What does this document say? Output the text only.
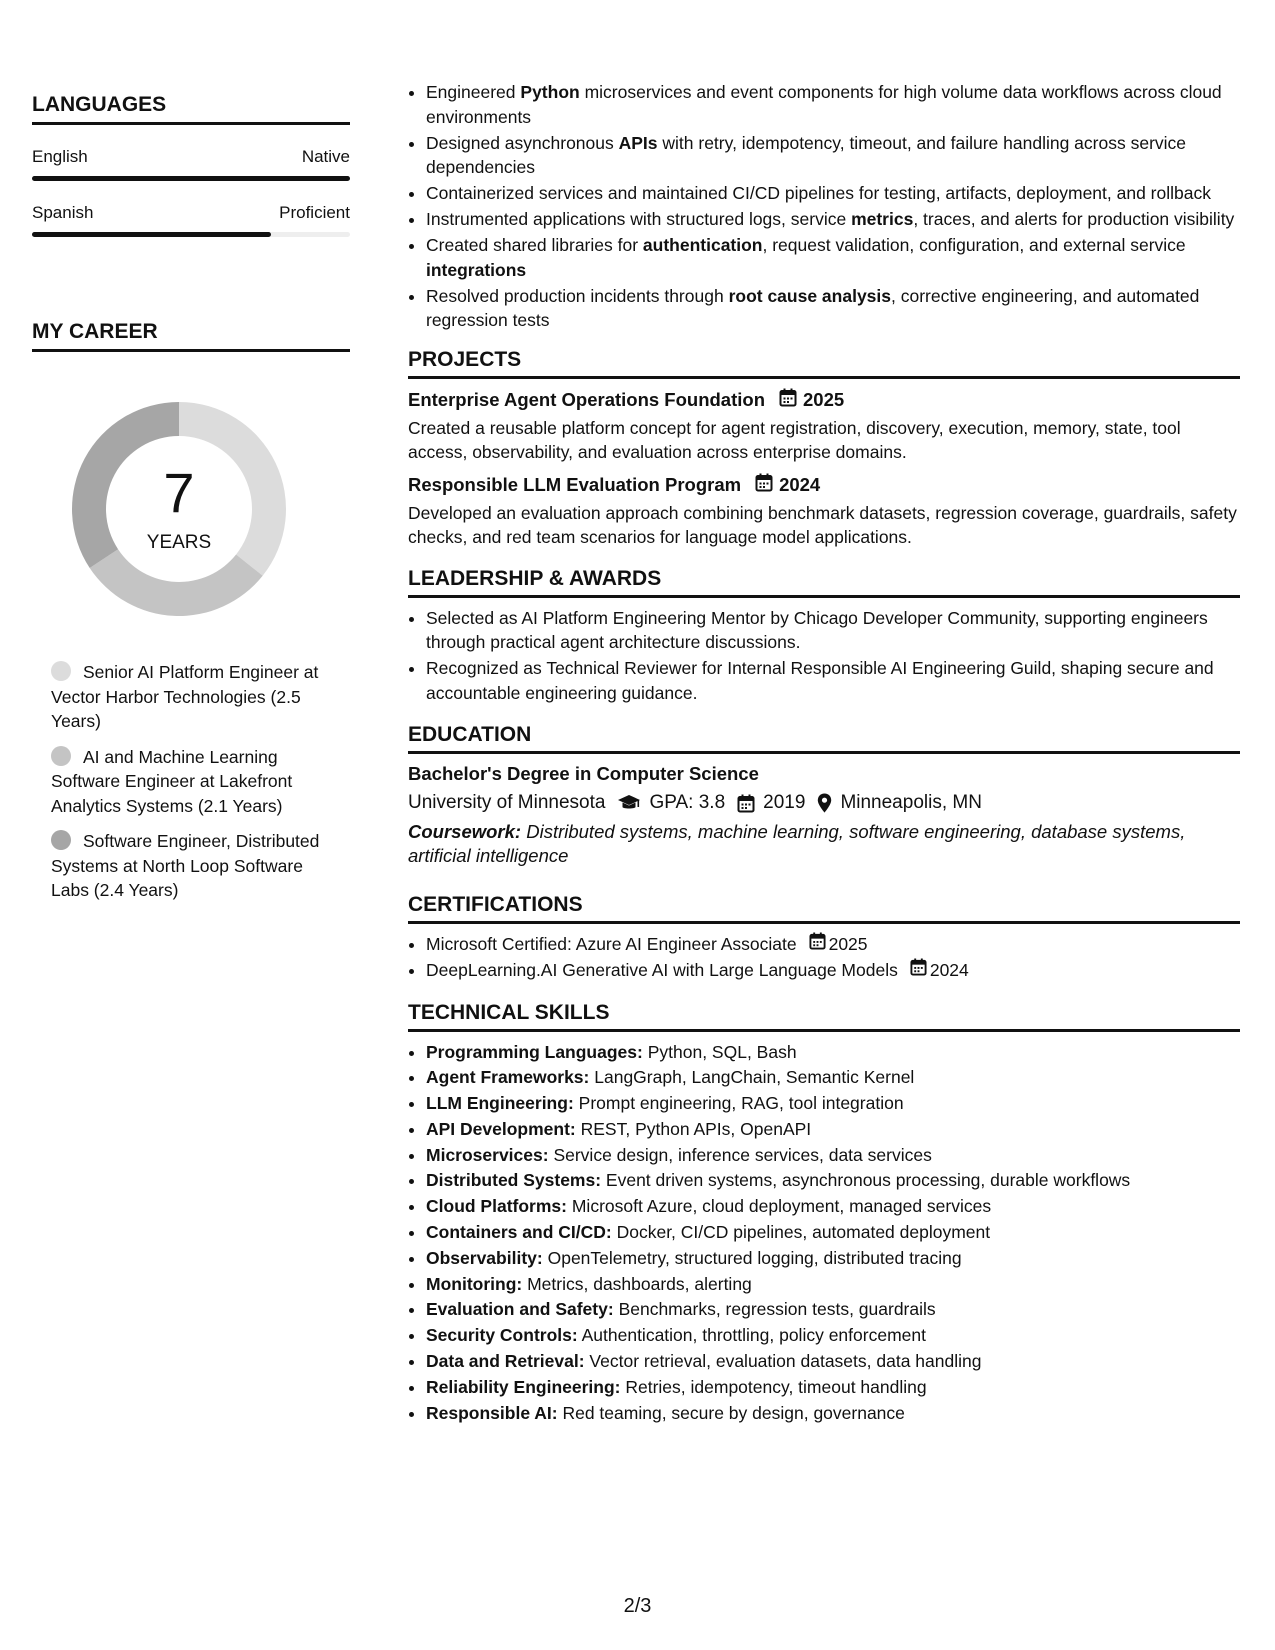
LANGUAGES
English	Native
Spanish	Proficient
MY CAREER
7
YEARS
Senior AI Platform Engineer at Vector Harbor Technologies (2.5 Years)
AI and Machine Learning Software Engineer at Lakefront Analytics Systems (2.1 Years)
Software Engineer, Distributed Systems at North Loop Software Labs (2.4 Years)
• Engineered Python microservices and event components for high volume data workflows across cloud environments
• Designed asynchronous APIs with retry, idempotency, timeout, and failure handling across service dependencies
• Containerized services and maintained CI/CD pipelines for testing, artifacts, deployment, and rollback
• Instrumented applications with structured logs, service metrics, traces, and alerts for production visibility
• Created shared libraries for authentication, request validation, configuration, and external service integrations
• Resolved production incidents through root cause analysis, corrective engineering, and automated regression tests
PROJECTS
Enterprise Agent Operations Foundation 2025
Created a reusable platform concept for agent registration, discovery, execution, memory, state, tool access, observability, and evaluation across enterprise domains.
Responsible LLM Evaluation Program 2024
Developed an evaluation approach combining benchmark datasets, regression coverage, guardrails, safety checks, and red team scenarios for language model applications.
LEADERSHIP & AWARDS
• Selected as AI Platform Engineering Mentor by Chicago Developer Community, supporting engineers through practical agent architecture discussions.
• Recognized as Technical Reviewer for Internal Responsible AI Engineering Guild, shaping secure and accountable engineering guidance.
EDUCATION
Bachelor's Degree in Computer Science
University of Minnesota GPA: 3.8 2019 Minneapolis, MN
Coursework: Distributed systems, machine learning, software engineering, database systems, artificial intelligence
CERTIFICATIONS
• Microsoft Certified: Azure AI Engineer Associate 2025
• DeepLearning.AI Generative AI with Large Language Models 2024
TECHNICAL SKILLS
• Programming Languages: Python, SQL, Bash
• Agent Frameworks: LangGraph, LangChain, Semantic Kernel
• LLM Engineering: Prompt engineering, RAG, tool integration
• API Development: REST, Python APIs, OpenAPI
• Microservices: Service design, inference services, data services
• Distributed Systems: Event driven systems, asynchronous processing, durable workflows
• Cloud Platforms: Microsoft Azure, cloud deployment, managed services
• Containers and CI/CD: Docker, CI/CD pipelines, automated deployment
• Observability: OpenTelemetry, structured logging, distributed tracing
• Monitoring: Metrics, dashboards, alerting
• Evaluation and Safety: Benchmarks, regression tests, guardrails
• Security Controls: Authentication, throttling, policy enforcement
• Data and Retrieval: Vector retrieval, evaluation datasets, data handling
• Reliability Engineering: Retries, idempotency, timeout handling
• Responsible AI: Red teaming, secure by design, governance
2/3
